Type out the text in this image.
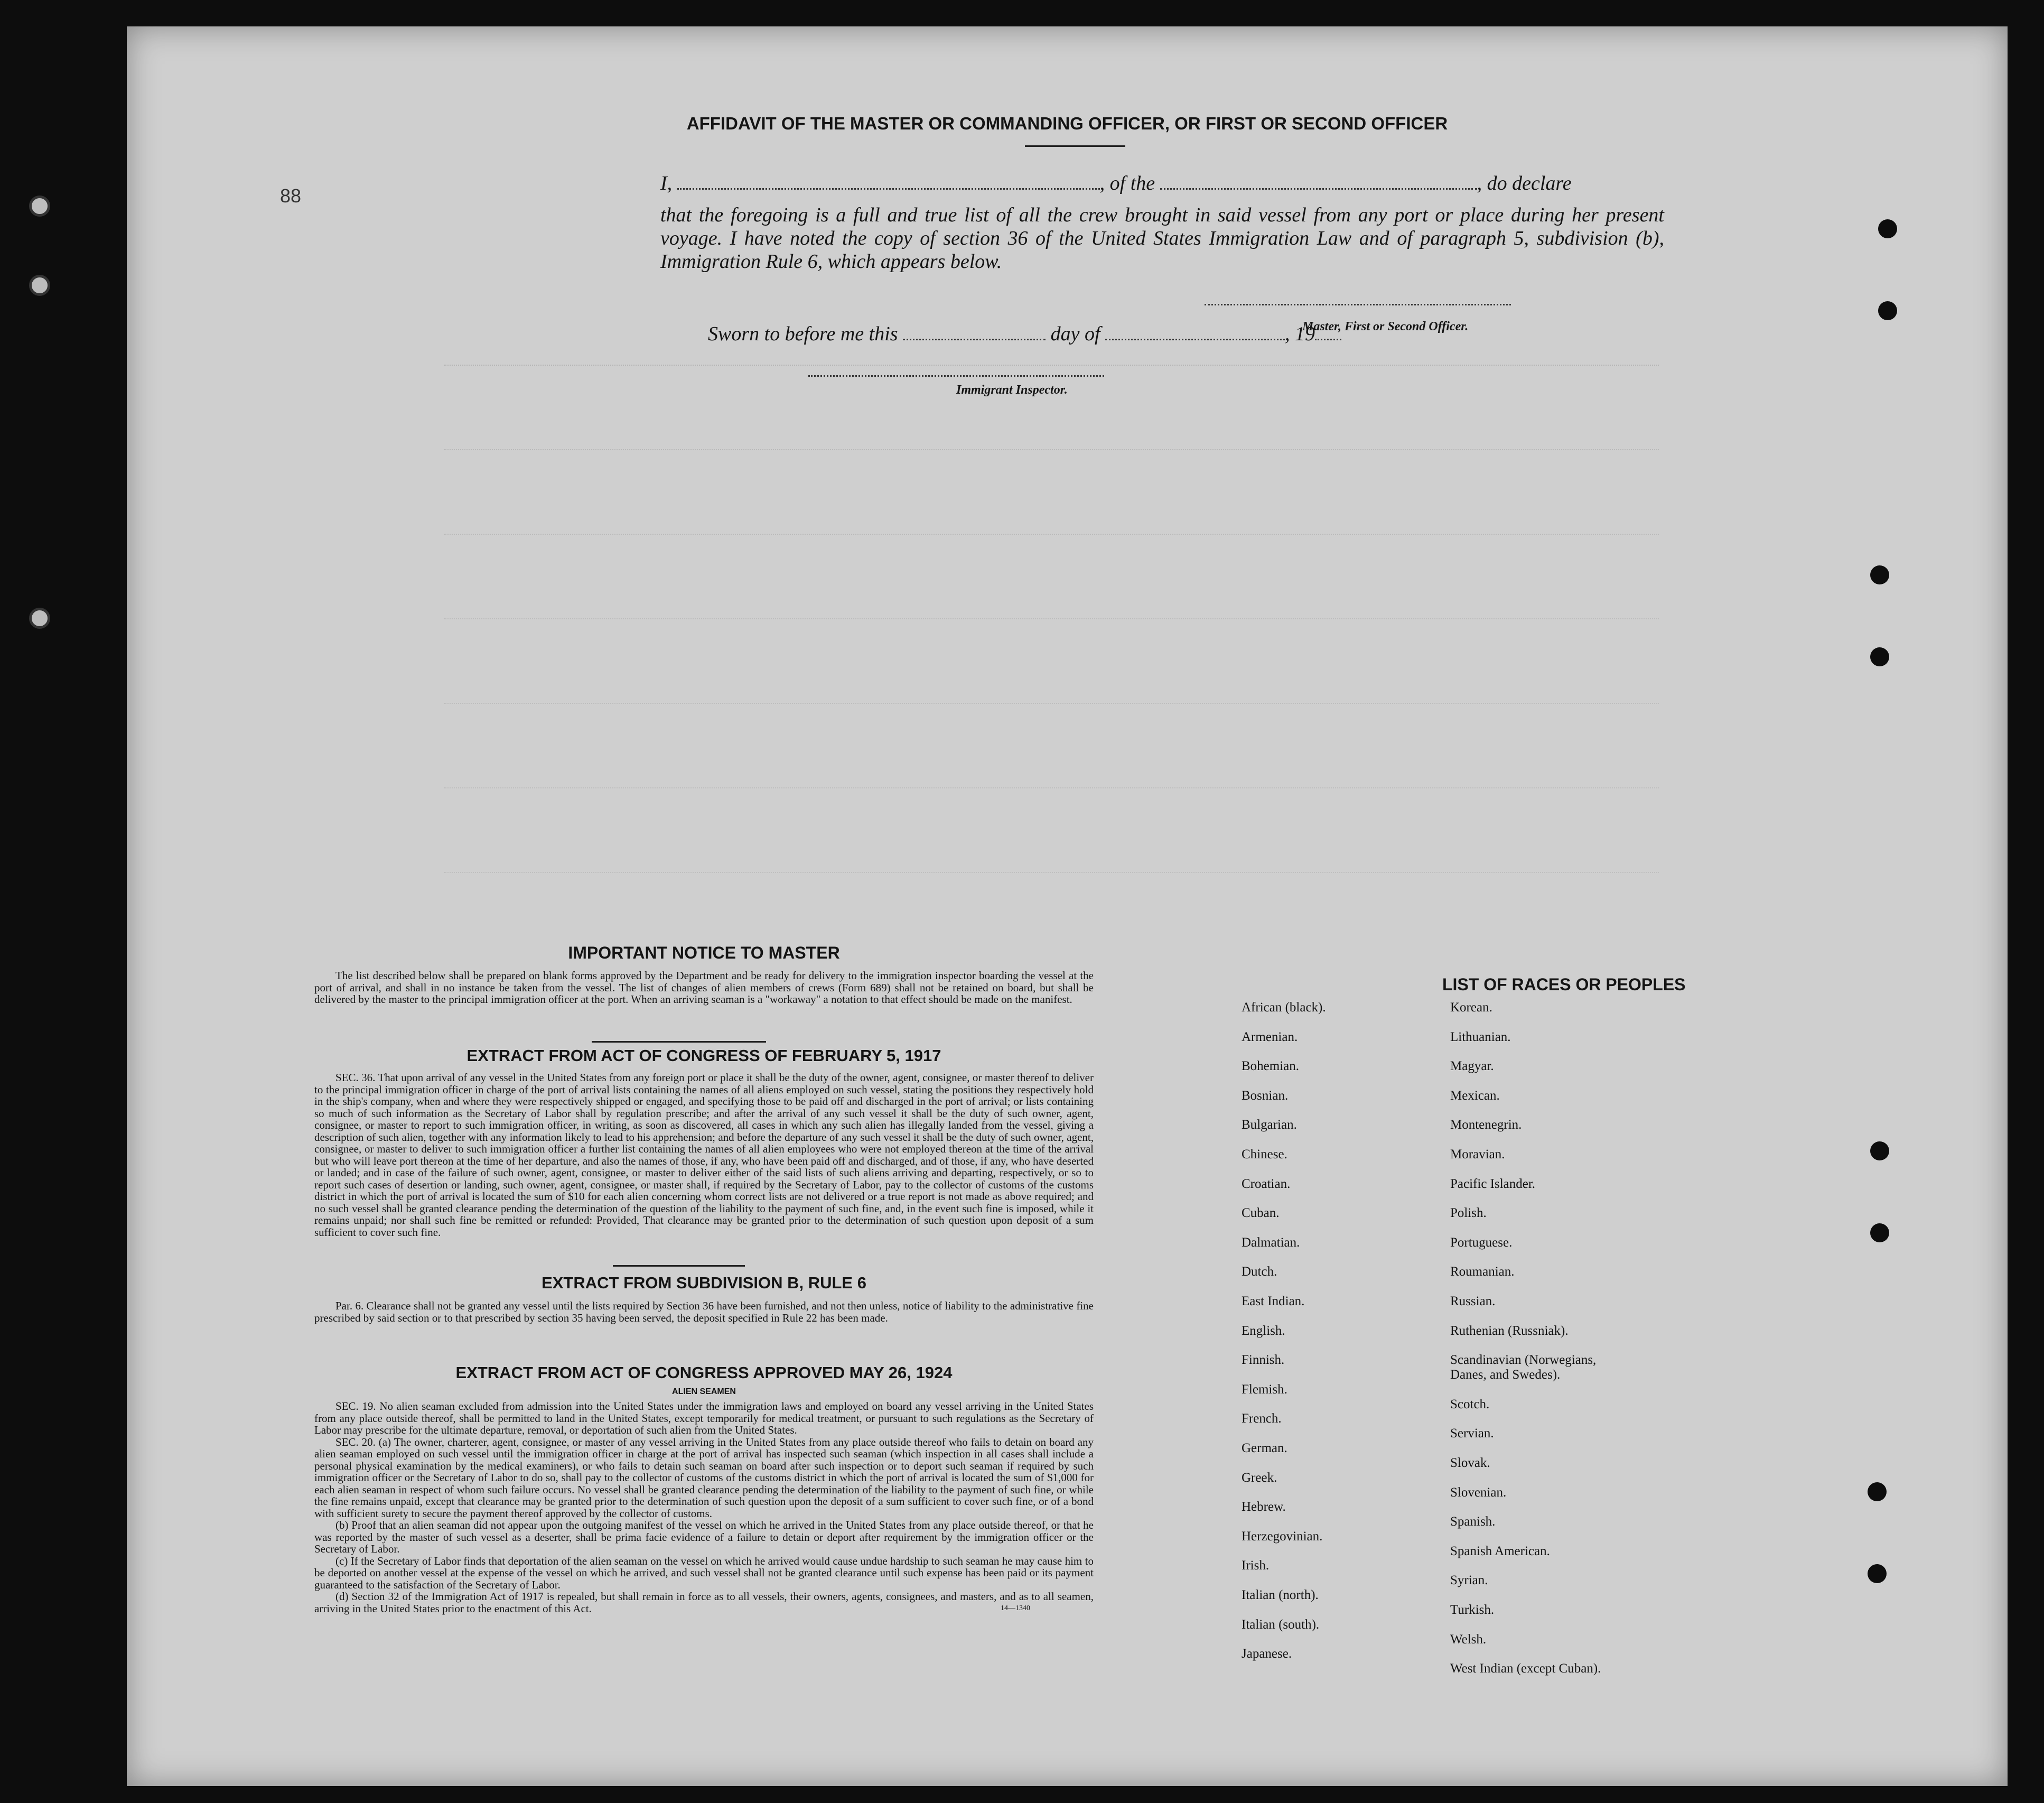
88
AFFIDAVIT OF THE MASTER OR COMMANDING OFFICER, OR FIRST OR SECOND OFFICER
I,	, of the	, do declare
that the foregoing is a full and true list of all the crew brought in said vessel from any port or place during her present voyage. I have noted the copy of section 36 of the United States Immigration Law and of paragraph 5, subdivision (b), Immigration Rule 6, which appears below.
Master, First or Second Officer.
Sworn to before me this	day of	, 19
Immigrant Inspector.
IMPORTANT NOTICE TO MASTER
The list described below shall be prepared on blank forms approved by the Department and be ready for delivery to the immigration inspector boarding the vessel at the port of arrival, and shall in no instance be taken from the vessel. The list of changes of alien members of crews (Form 689) shall not be retained on board, but shall be delivered by the master to the principal immigration officer at the port. When an arriving seaman is a "workaway" a notation to that effect should be made on the manifest.
EXTRACT FROM ACT OF CONGRESS OF FEBRUARY 5, 1917
SEC. 36. That upon arrival of any vessel in the United States from any foreign port or place it shall be the duty of the owner, agent, consignee, or master thereof to deliver to the principal immigration officer in charge of the port of arrival lists containing the names of all aliens employed on such vessel, stating the positions they respectively hold in the ship's company, when and where they were respectively shipped or engaged, and specifying those to be paid off and discharged in the port of arrival; or lists containing so much of such information as the Secretary of Labor shall by regulation prescribe; and after the arrival of any such vessel it shall be the duty of such owner, agent, consignee, or master to report to such immigration officer, in writing, as soon as discovered, all cases in which any such alien has illegally landed from the vessel, giving a description of such alien, together with any information likely to lead to his apprehension; and before the departure of any such vessel it shall be the duty of such owner, agent, consignee, or master to deliver to such immigration officer a further list containing the names of all alien employees who were not employed thereon at the time of the arrival but who will leave port thereon at the time of her departure, and also the names of those, if any, who have been paid off and discharged, and of those, if any, who have deserted or landed; and in case of the failure of such owner, agent, consignee, or master to deliver either of the said lists of such aliens arriving and departing, respectively, or so to report such cases of desertion or landing, such owner, agent, consignee, or master shall, if required by the Secretary of Labor, pay to the collector of customs of the customs district in which the port of arrival is located the sum of $10 for each alien concerning whom correct lists are not delivered or a true report is not made as above required; and no such vessel shall be granted clearance pending the determination of the question of the liability to the payment of such fine, and, in the event such fine is imposed, while it remains unpaid; nor shall such fine be remitted or refunded: Provided, That clearance may be granted prior to the determination of such question upon deposit of a sum sufficient to cover such fine.
EXTRACT FROM SUBDIVISION B, RULE 6
Par. 6. Clearance shall not be granted any vessel until the lists required by Section 36 have been furnished, and not then unless, notice of liability to the administrative fine prescribed by said section or to that prescribed by section 35 having been served, the deposit specified in Rule 22 has been made.
EXTRACT FROM ACT OF CONGRESS APPROVED MAY 26, 1924
ALIEN SEAMEN
SEC. 19. No alien seaman excluded from admission into the United States under the immigration laws and employed on board any vessel arriving in the United States from any place outside thereof, shall be permitted to land in the United States, except temporarily for medical treatment, or pursuant to such regulations as the Secretary of Labor may prescribe for the ultimate departure, removal, or deportation of such alien from the United States.
SEC. 20. (a) The owner, charterer, agent, consignee, or master of any vessel arriving in the United States from any place outside thereof who fails to detain on board any alien seaman employed on such vessel until the immigration officer in charge at the port of arrival has inspected such seaman (which inspection in all cases shall include a personal physical examination by the medical examiners), or who fails to detain such seaman on board after such inspection or to deport such seaman if required by such immigration officer or the Secretary of Labor to do so, shall pay to the collector of customs of the customs district in which the port of arrival is located the sum of $1,000 for each alien seaman in respect of whom such failure occurs. No vessel shall be granted clearance pending the determination of the liability to the payment of such fine, or while the fine remains unpaid, except that clearance may be granted prior to the determination of such question upon the deposit of a sum sufficient to cover such fine, or of a bond with sufficient surety to secure the payment thereof approved by the collector of customs.
(b) Proof that an alien seaman did not appear upon the outgoing manifest of the vessel on which he arrived in the United States from any place outside thereof, or that he was reported by the master of such vessel as a deserter, shall be prima facie evidence of a failure to detain or deport after requirement by the immigration officer or the Secretary of Labor.
(c) If the Secretary of Labor finds that deportation of the alien seaman on the vessel on which he arrived would cause undue hardship to such seaman he may cause him to be deported on another vessel at the expense of the vessel on which he arrived, and such vessel shall not be granted clearance until such expense has been paid or its payment guaranteed to the satisfaction of the Secretary of Labor.
(d) Section 32 of the Immigration Act of 1917 is repealed, but shall remain in force as to all vessels, their owners, agents, consignees, and masters, and as to all seamen, arriving in the United States prior to the enactment of this Act.	14—1340
LIST OF RACES OR PEOPLES
African (black).
Armenian.
Bohemian.
Bosnian.
Bulgarian.
Chinese.
Croatian.
Cuban.
Dalmatian.
Dutch.
East Indian.
English.
Finnish.
Flemish.
French.
German.
Greek.
Hebrew.
Herzegovinian.
Irish.
Italian (north).
Italian (south).
Japanese.
Korean.
Lithuanian.
Magyar.
Mexican.
Montenegrin.
Moravian.
Pacific Islander.
Polish.
Portuguese.
Roumanian.
Russian.
Ruthenian (Russniak).
Scandinavian (Norwegians,
Danes, and Swedes).
Scotch.
Servian.
Slovak.
Slovenian.
Spanish.
Spanish American.
Syrian.
Turkish.
Welsh.
West Indian (except Cuban).
